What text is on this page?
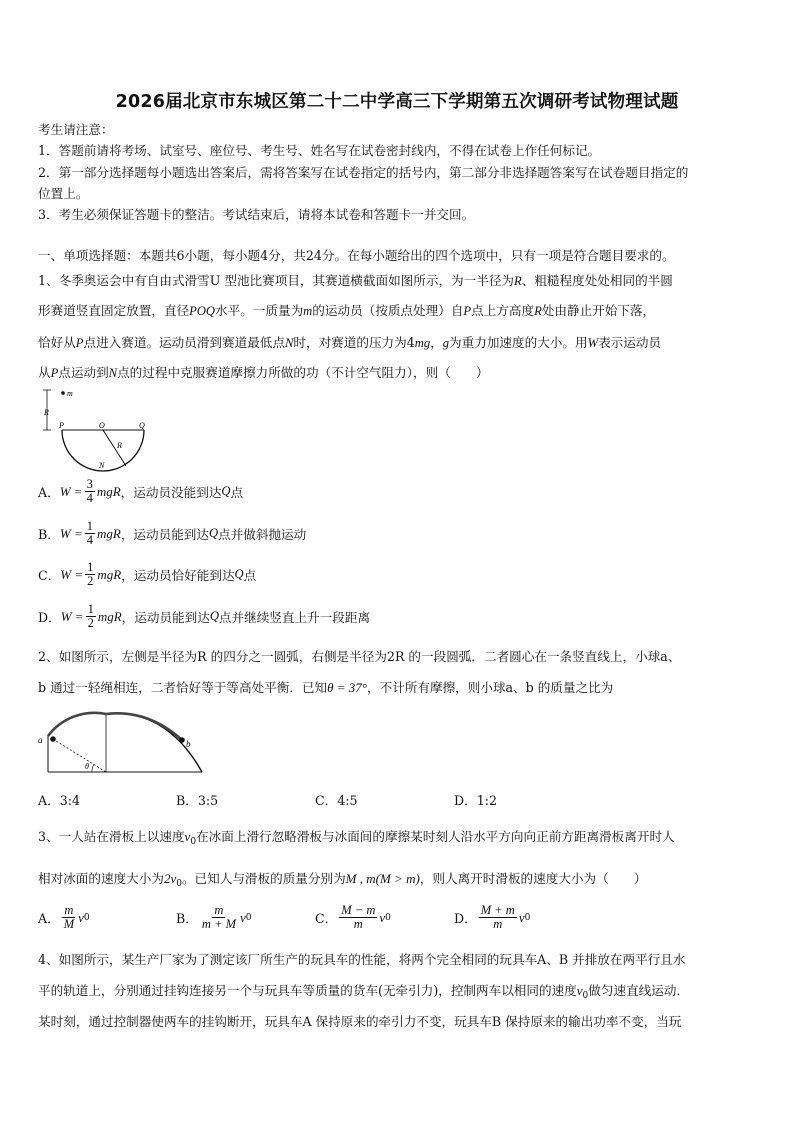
2026届北京市东城区第二十二中学高三下学期第五次调研考试物理试题
考生请注意：
1．答题前请将考场、试室号、座位号、考生号、姓名写在试卷密封线内，不得在试卷上作任何标记。
2．第一部分选择题每小题选出答案后，需将答案写在试卷指定的括号内，第二部分非选择题答案写在试卷题目指定的
位置上。
3．考生必须保证答题卡的整洁。考试结束后，请将本试卷和答题卡一并交回。
一、单项选择题：本题共6小题，每小题4分，共24分。在每小题给出的四个选项中，只有一项是符合题目要求的。
1、冬季奥运会中有自由式滑雪U 型池比赛项目，其赛道横截面如图所示，为一半径为R、粗糙程度处处相同的半圆
形赛道竖直固定放置，直径POQ水平。一质量为m的运动员（按质点处理）自P点上方高度R处由静止开始下落，
恰好从P点进入赛道。运动员滑到赛道最低点N时，对赛道的压力为4mg，g为重力加速度的大小。用W表示运动员
从P点运动到N点的过程中克服赛道摩擦力所做的功（不计空气阻力），则（　　）
m
R
P	O	Q
R
N
A． $W = \frac{3}{4}$ mgR ，运动员没能到达 Q 点
B． $W = \frac{1}{4}$ mgR ，运动员能到达 Q 点并做斜抛运动
C． $W = \frac{1}{2}$ mgR ，运动员恰好能到达 Q 点
D． $W = \frac{1}{2}$ mgR ，运动员能到达 Q 点并继续竖直上升一段距离
2、如图所示，左侧是半径为R 的四分之一圆弧，右侧是半径为2R 的一段圆弧．二者圆心在一条竖直线上，小球a、
b 通过一轻绳相连，二者恰好等于等高处平衡．已知θ = 37°，不计所有摩擦，则小球a、b 的质量之比为
a	b
θ
A．3:4	B．3:5	C．4:5	D．1:2
3、一人站在滑板上以速度$v_0$在冰面上滑行忽略滑板与冰面间的摩擦某时刻人沿水平方向向正前方距离滑板离开时人
相对冰面的速度大小为$2v_0$。已知人与滑板的质量分别为M , m(M > m)，则人离开时滑板的速度大小为（　　）
A． $\frac{m}{M}$ v 0	B． $\frac{m}{m + M}$ v 0	C． $\frac{M - m}{m}$ v 0	D． $\frac{M + m}{m}$ v 0
4、如图所示，某生产厂家为了测定该厂所生产的玩具车的性能，将两个完全相同的玩具车A、B 并排放在两平行且水
平的轨道上，分别通过挂钩连接另一个与玩具车等质量的货车(无牵引力)，控制两车以相同的速度$v_0$做匀速直线运动．
某时刻，通过控制器使两车的挂钩断开，玩具车A 保持原来的牵引力不变，玩具车B 保持原来的输出功率不变，当玩
